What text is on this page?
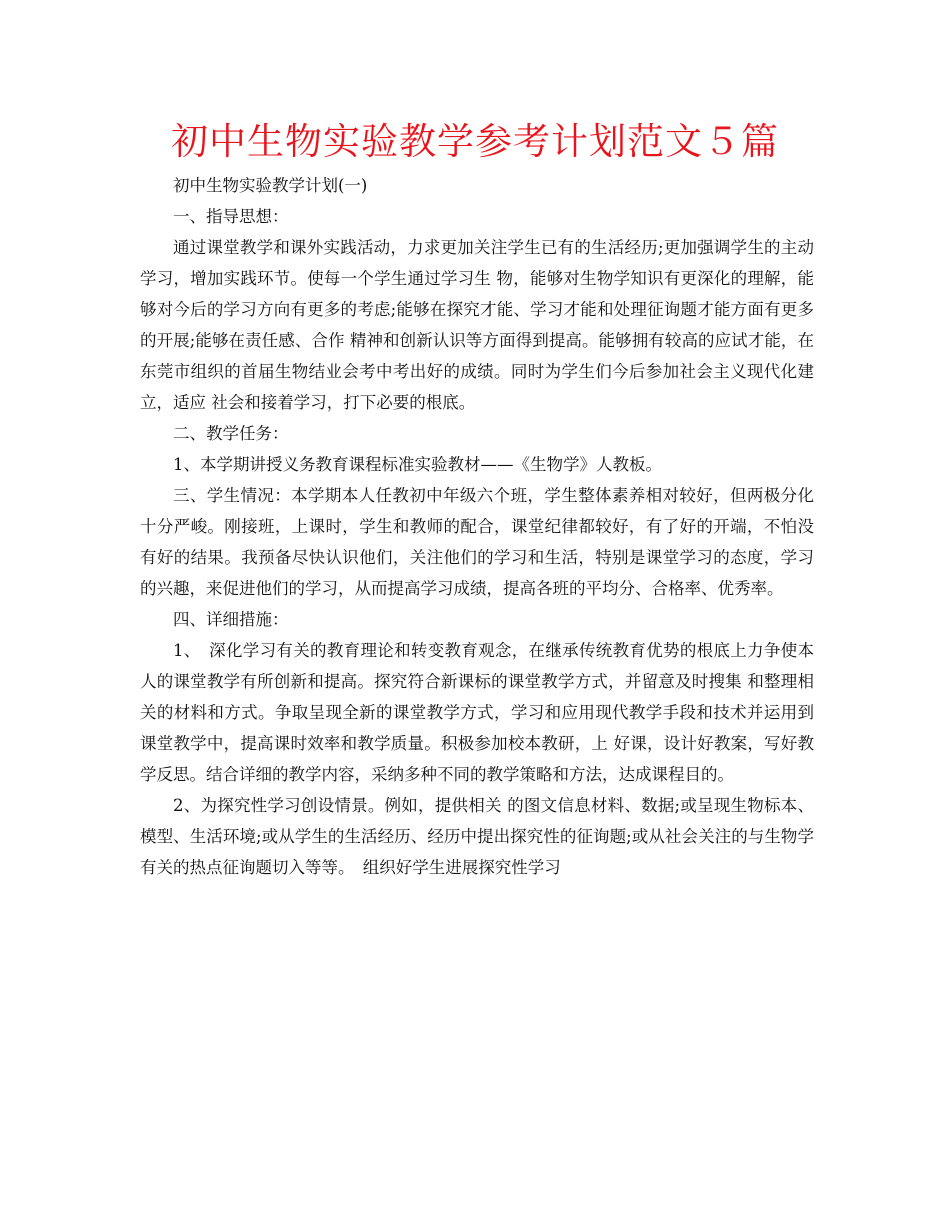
初中生物实验教学参考计划范文５篇

初中生物实验教学计划(一)

一、指导思想：

通过课堂教学和课外实践活动，力求更加关注学生已有的生活经历;更加强调学生的主动学习，增加实践环节。使每一个学生通过学习生 物，能够对生物学知识有更深化的理解，能够对今后的学习方向有更多的考虑;能够在探究才能、学习才能和处理征询题才能方面有更多的开展;能够在责任感、合作 精神和创新认识等方面得到提高。能够拥有较高的应试才能，在东莞市组织的首届生物结业会考中考出好的成绩。同时为学生们今后参加社会主义现代化建立，适应 社会和接着学习，打下必要的根底。

二、教学任务：

1、本学期讲授义务教育课程标准实验教材——《生物学》人教板。

三、学生情况：本学期本人任教初中年级六个班，学生整体素养相对较好，但两极分化十分严峻。刚接班，上课时，学生和教师的配合，课堂纪律都较好，有了好的开端，不怕没有好的结果。我预备尽快认识他们，关注他们的学习和生活，特别是课堂学习的态度，学习的兴趣，来促进他们的学习，从而提高学习成绩，提高各班的平均分、合格率、优秀率。

四、详细措施：

1、　深化学习有关的教育理论和转变教育观念，在继承传统教育优势的根底上力争使本人的课堂教学有所创新和提高。探究符合新课标的课堂教学方式，并留意及时搜集 和整理相关的材料和方式。争取呈现全新的课堂教学方式，学习和应用现代教学手段和技术并运用到课堂教学中，提高课时效率和教学质量。积极参加校本教研，上 好课，设计好教案，写好教学反思。结合详细的教学内容，采纳多种不同的教学策略和方法，达成课程目的。

2、为探究性学习创设情景。例如，提供相关 的图文信息材料、数据;或呈现生物标本、模型、生活环境;或从学生的生活经历、经历中提出探究性的征询题;或从社会关注的与生物学有关的热点征询题切入等等。　组织好学生进展探究性学习
